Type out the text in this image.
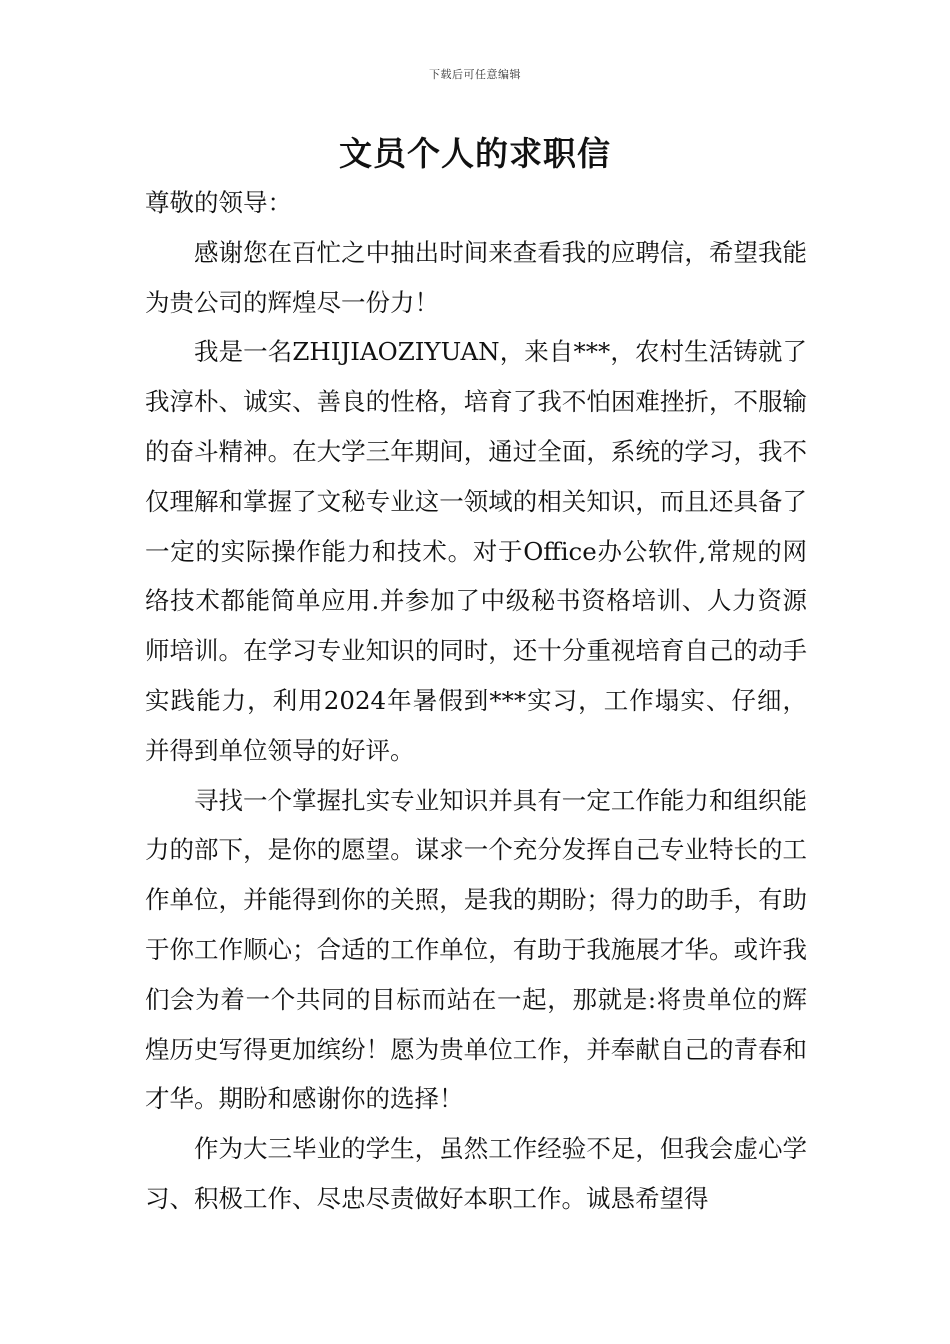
下载后可任意编辑
文员个人的求职信

尊敬的领导：

感谢您在百忙之中抽出时间来查看我的应聘信，希望我能为贵公司的辉煌尽一份力！

我是一名ZHIJIAOZIYUAN，来自***，农村生活铸就了我淳朴、诚实、善良的性格，培育了我不怕困难挫折，不服输的奋斗精神。在大学三年期间，通过全面，系统的学习，我不仅理解和掌握了文秘专业这一领域的相关知识，而且还具备了一定的实际操作能力和技术。对于Office办公软件,常规的网络技术都能简单应用.并参加了中级秘书资格培训、人力资源师培训。在学习专业知识的同时，还十分重视培育自己的动手实践能力，利用2024年暑假到***实习，工作塌实、仔细，并得到单位领导的好评。

寻找一个掌握扎实专业知识并具有一定工作能力和组织能力的部下，是你的愿望。谋求一个充分发挥自己专业特长的工作单位，并能得到你的关照，是我的期盼；得力的助手，有助于你工作顺心；合适的工作单位，有助于我施展才华。或许我们会为着一个共同的目标而站在一起，那就是:将贵单位的辉煌历史写得更加缤纷！愿为贵单位工作，并奉献自己的青春和才华。期盼和感谢你的选择！

作为大三毕业的学生，虽然工作经验不足，但我会虚心学习、积极工作、尽忠尽责做好本职工作。诚恳希望得
